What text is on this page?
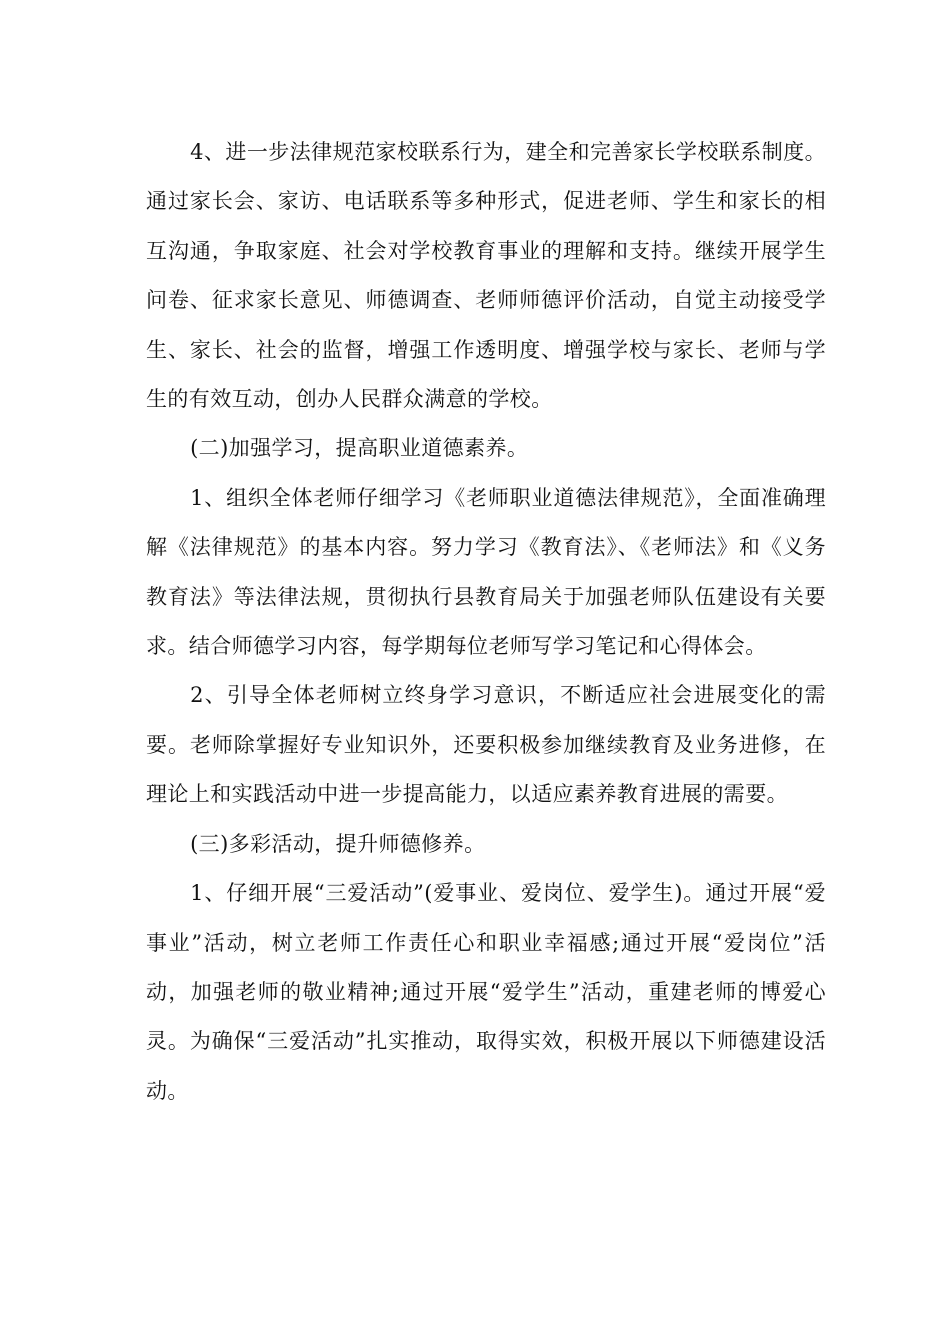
4、进一步法律规范家校联系行为，建全和完善家长学校联系制度。通过家长会、家访、电话联系等多种形式，促进老师、学生和家长的相互沟通，争取家庭、社会对学校教育事业的理解和支持。继续开展学生问卷、征求家长意见、师德调查、老师师德评价活动，自觉主动接受学生、家长、社会的监督，增强工作透明度、增强学校与家长、老师与学生的有效互动，创办人民群众满意的学校。

(二)加强学习，提高职业道德素养。

1、组织全体老师仔细学习《老师职业道德法律规范》，全面准确理解《法律规范》的基本内容。努力学习《教育法》、《老师法》和《义务教育法》等法律法规，贯彻执行县教育局关于加强老师队伍建设有关要求。结合师德学习内容，每学期每位老师写学习笔记和心得体会。

2、引导全体老师树立终身学习意识，不断适应社会进展变化的需要。老师除掌握好专业知识外，还要积极参加继续教育及业务进修，在理论上和实践活动中进一步提高能力，以适应素养教育进展的需要。

(三)多彩活动，提升师德修养。

1、仔细开展“三爱活动”(爱事业、爱岗位、爱学生)。通过开展“爱事业”活动，树立老师工作责任心和职业幸福感;通过开展“爱岗位”活动，加强老师的敬业精神;通过开展“爱学生”活动，重建老师的博爱心灵。为确保“三爱活动”扎实推动，取得实效，积极开展以下师德建设活动。
